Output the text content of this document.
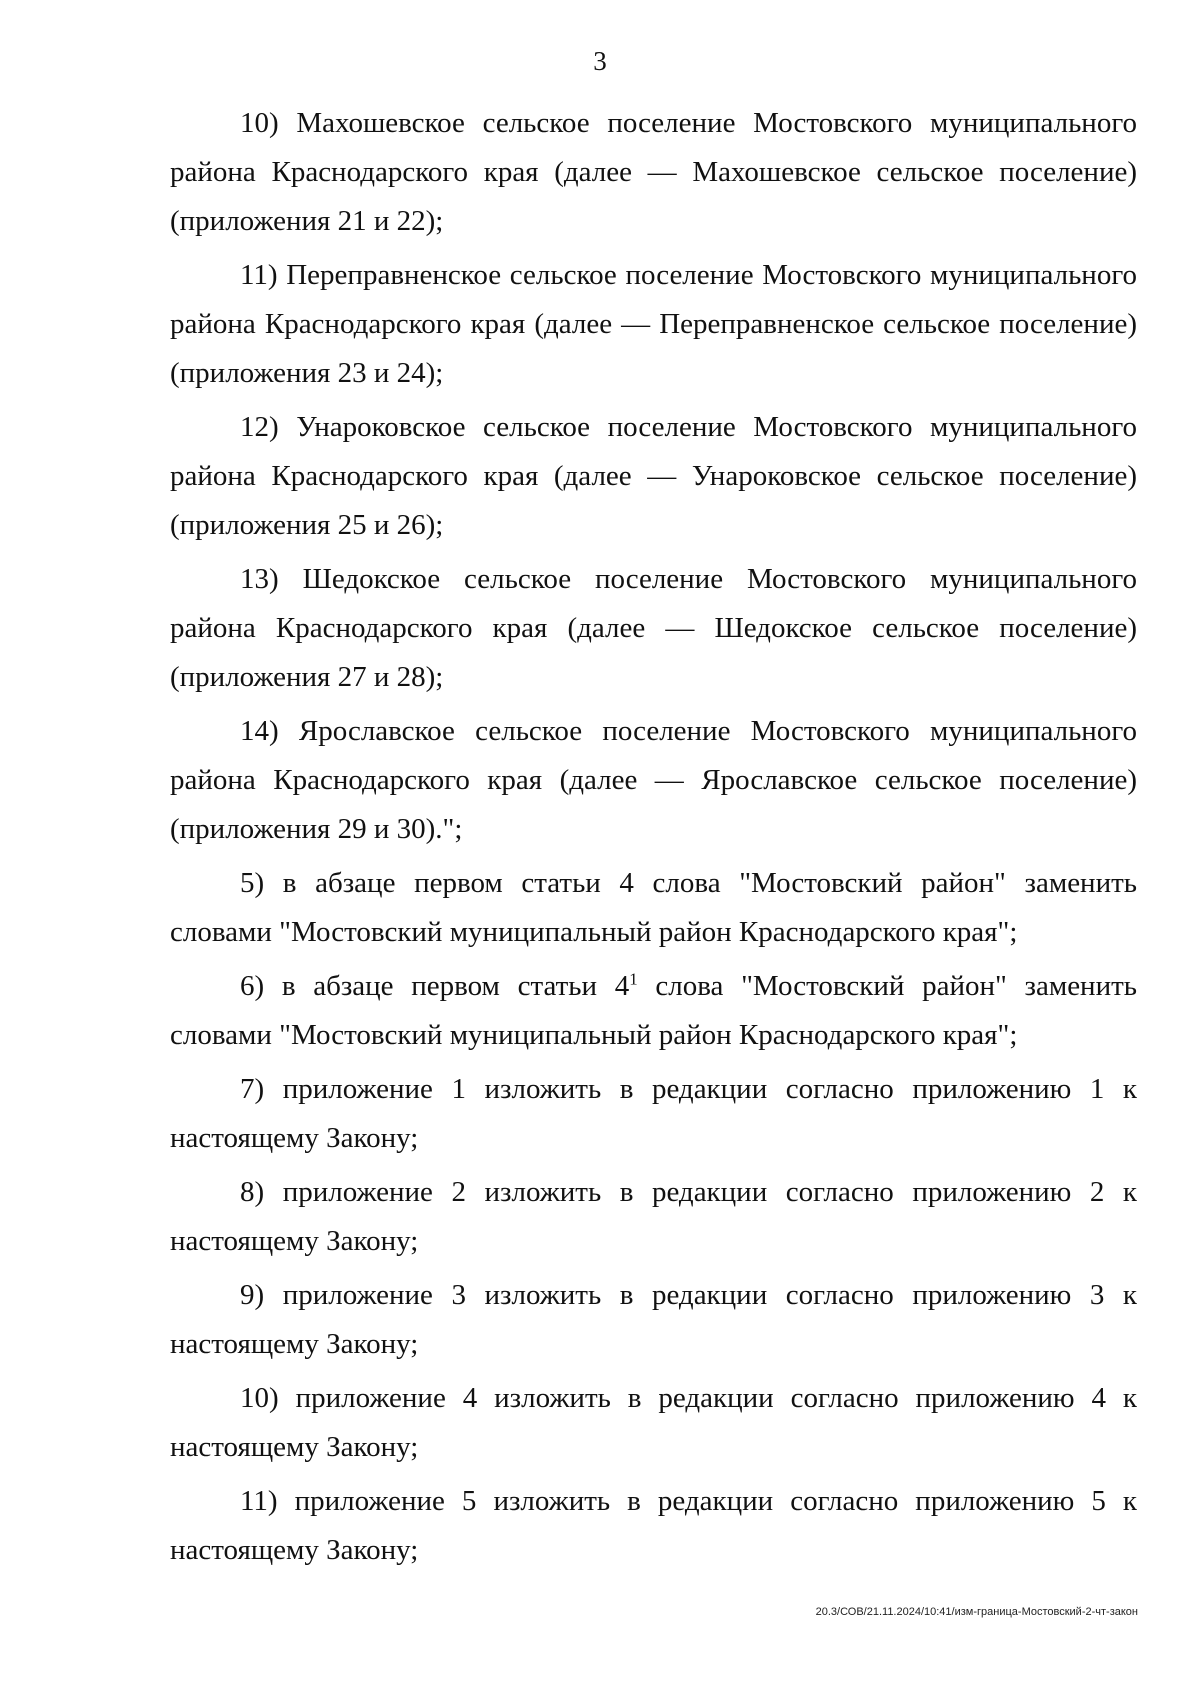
3

10) Махошевское сельское поселение Мостовского муниципального района Краснодарского края (далее — Махошевское сельское поселение) (приложения 21 и 22);

11) Переправненское сельское поселение Мостовского муниципального района Краснодарского края (далее — Переправненское сельское поселение) (приложения 23 и 24);

12) Унароковское сельское поселение Мостовского муниципального района Краснодарского края (далее — Унароковское сельское поселение) (приложения 25 и 26);

13) Шедокское сельское поселение Мостовского муниципального района Краснодарского края (далее — Шедокское сельское поселение) (приложения 27 и 28);

14) Ярославское сельское поселение Мостовского муниципального района Краснодарского края (далее — Ярославское сельское поселение) (приложения 29 и 30).";

5) в абзаце первом статьи 4 слова "Мостовский район" заменить словами "Мостовский муниципальный район Краснодарского края";

6) в абзаце первом статьи $4^1$ слова "Мостовский район" заменить словами "Мостовский муниципальный район Краснодарского края";

7) приложение 1 изложить в редакции согласно приложению 1 к настоящему Закону;

8) приложение 2 изложить в редакции согласно приложению 2 к настоящему Закону;

9) приложение 3 изложить в редакции согласно приложению 3 к настоящему Закону;

10) приложение 4 изложить в редакции согласно приложению 4 к настоящему Закону;

11) приложение 5 изложить в редакции согласно приложению 5 к настоящему Закону;

20.3/СОВ/21.11.2024/10:41/изм-граница-Мостовский-2-чт-закон
